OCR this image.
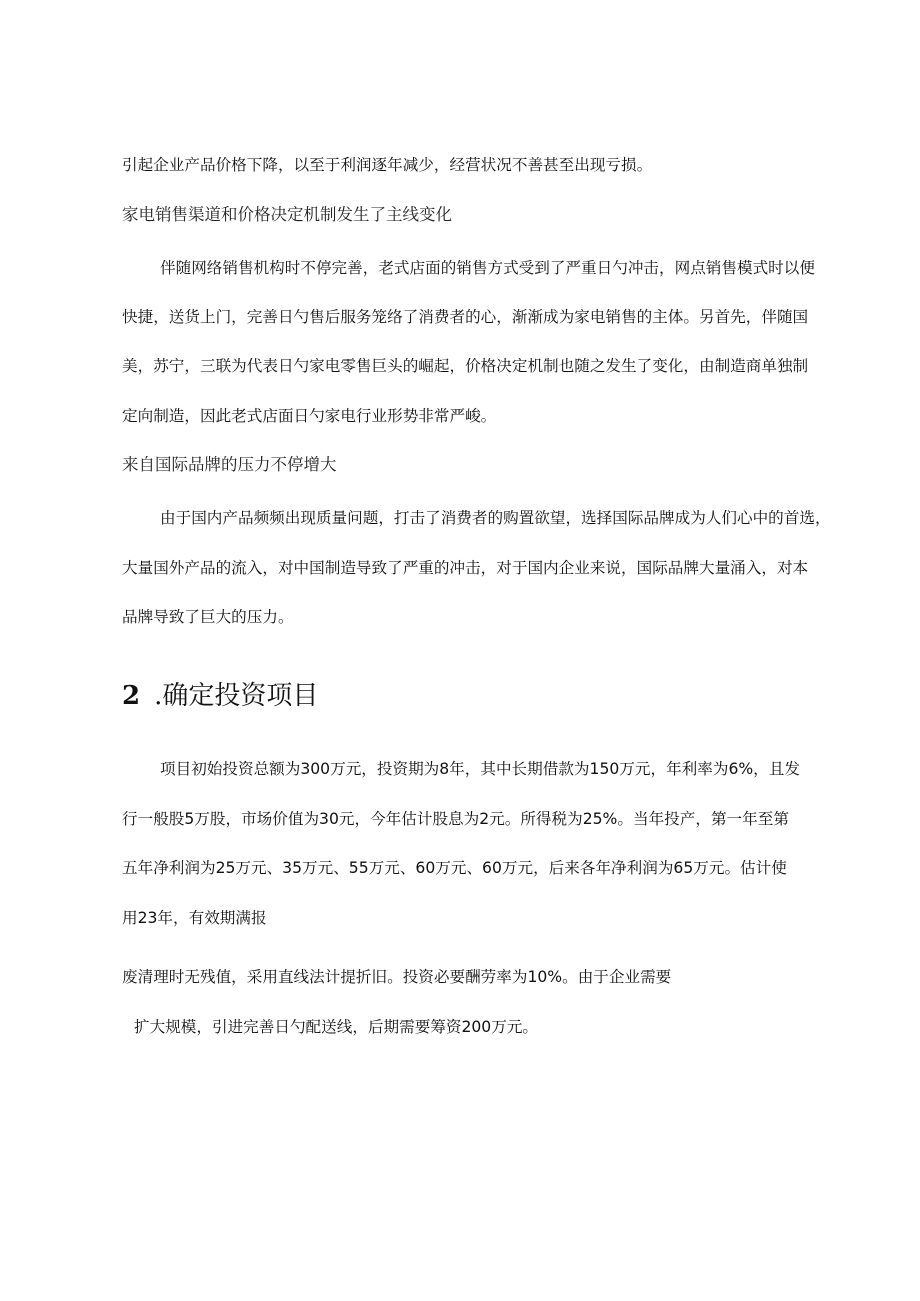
引起企业产品价格下降，以至于利润逐年减少，经营状况不善甚至出现亏损。
家电销售渠道和价格决定机制发生了主线变化
伴随网络销售机构时不停完善，老式店面的销售方式受到了严重日勺冲击，网点销售模式时以便
快捷，送货上门，完善日勺售后服务笼络了消费者的心，渐渐成为家电销售的主体。另首先，伴随国
美，苏宁，三联为代表日勺家电零售巨头的崛起，价格决定机制也随之发生了变化，由制造商单独制
定向制造，因此老式店面日勺家电行业形势非常严峻。
来自国际品牌的压力不停增大
由于国内产品频频出现质量问题，打击了消费者的购置欲望，选择国际品牌成为人们心中的首选，
大量国外产品的流入，对中国制造导致了严重的冲击，对于国内企业来说，国际品牌大量涌入，对本
品牌导致了巨大的压力。
2 .确定投资项目
项目初始投资总额为300万元，投资期为8年，其中长期借款为150万元，年利率为6%，且发
行一般股5万股，市场价值为30元，今年估计股息为2元。所得税为25%。当年投产，第一年至第
五年净利润为25万元、35万元、55万元、60万元、60万元，后来各年净利润为65万元。估计使
用23年，有效期满报
废清理时无残值，采用直线法计提折旧。投资必要酬劳率为10%。由于企业需要
扩大规模，引进完善日勺配送线，后期需要筹资200万元。
